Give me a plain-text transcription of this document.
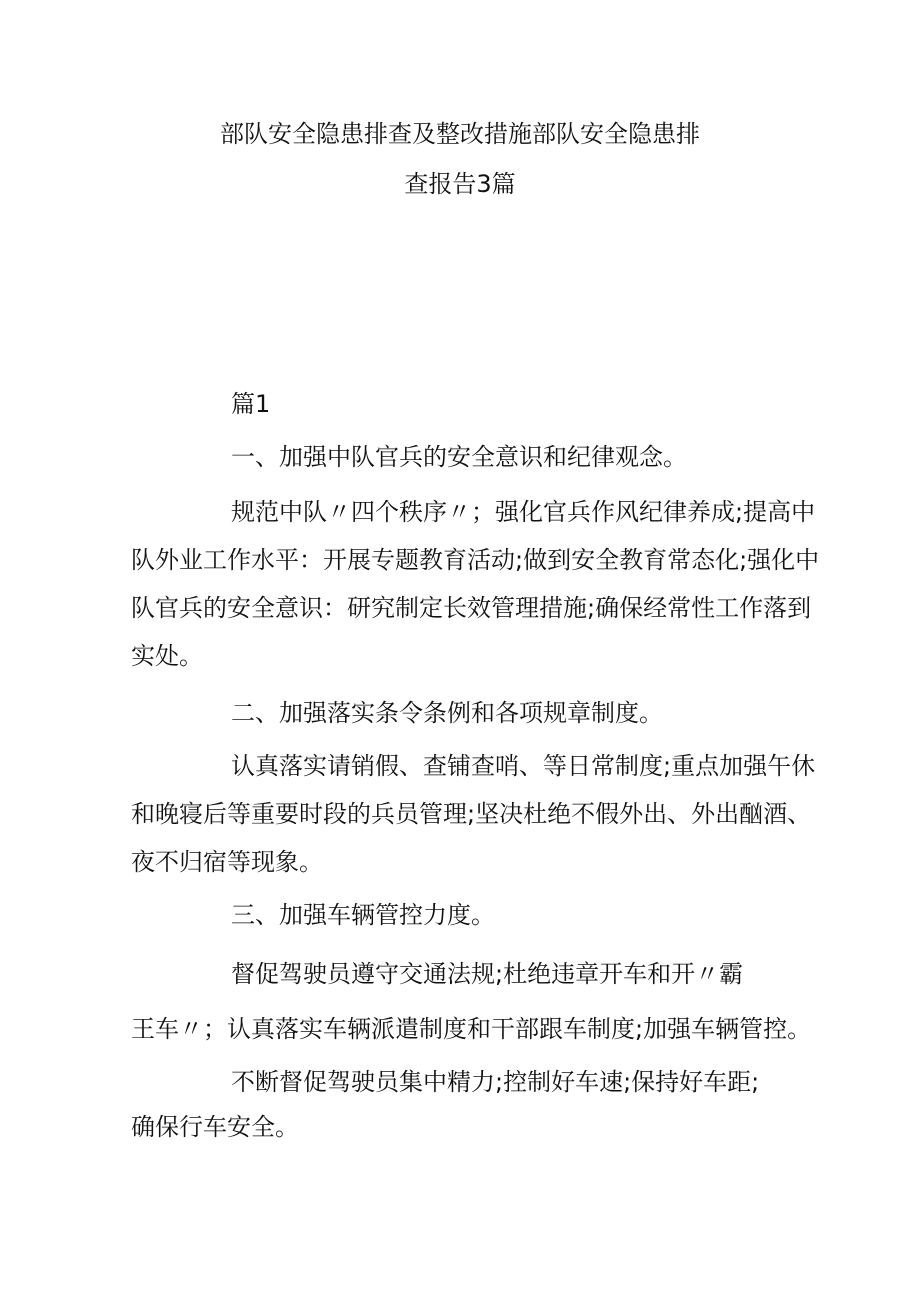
部队安全隐患排查及整改措施部队安全隐患排
查报告3篇
篇1
一、加强中队官兵的安全意识和纪律观念。
规范中队〃四个秩序〃；强化官兵作风纪律养成;提高中
队外业工作水平：开展专题教育活动;做到安全教育常态化;强化中
队官兵的安全意识：研究制定长效管理措施;确保经常性工作落到
实处。
二、加强落实条令条例和各项规章制度。
认真落实请销假、查铺查哨、等日常制度;重点加强午休
和晚寝后等重要时段的兵员管理;坚决杜绝不假外出、外出酗酒、
夜不归宿等现象。
三、加强车辆管控力度。
督促驾驶员遵守交通法规;杜绝违章开车和开〃霸
王车〃；认真落实车辆派遣制度和干部跟车制度;加强车辆管控。
不断督促驾驶员集中精力;控制好车速;保持好车距;
确保行车安全。
